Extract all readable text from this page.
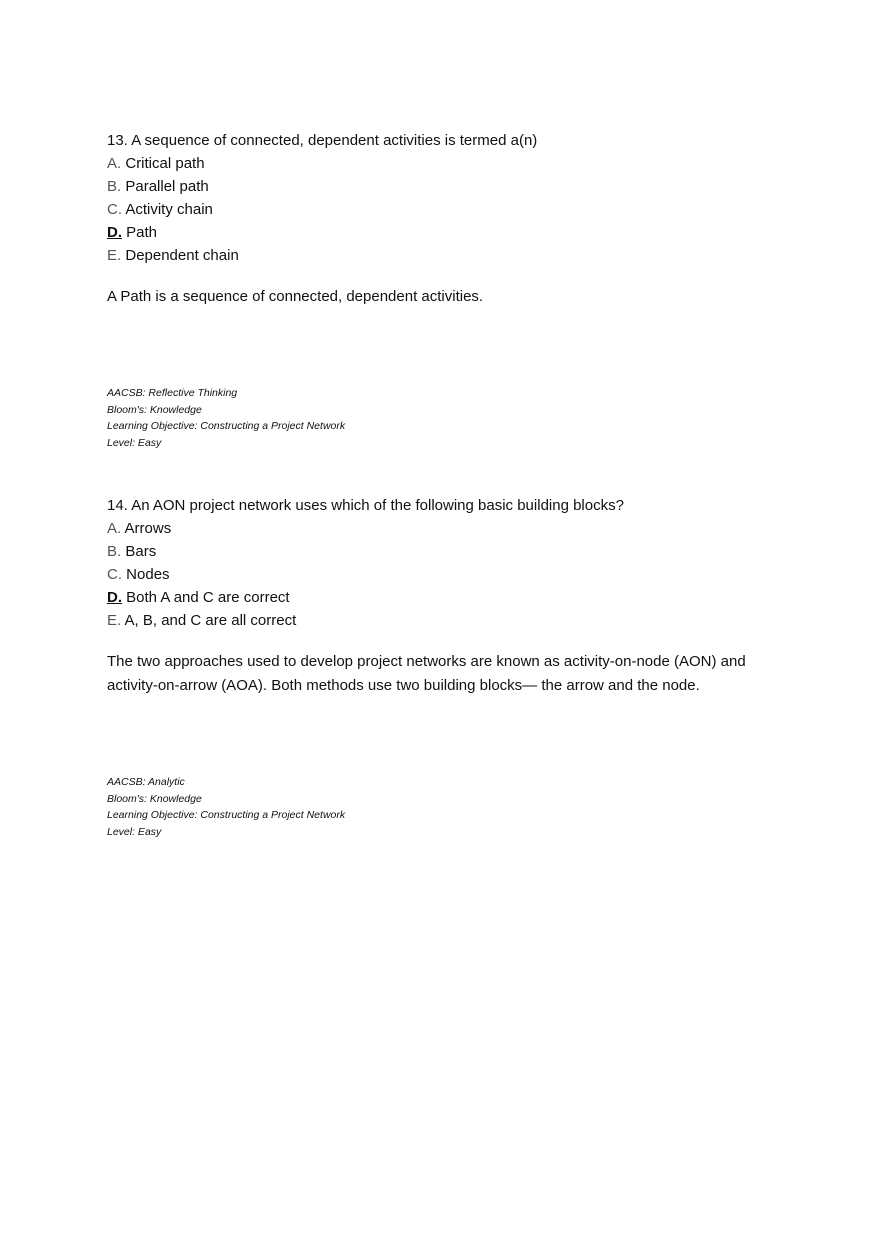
13. A sequence of connected, dependent activities is termed a(n)

A. Critical path
B. Parallel path
C. Activity chain
D. Path
E. Dependent chain

A Path is a sequence of connected, dependent activities.

AACSB: Reflective Thinking

Bloom's: Knowledge

Learning Objective: Constructing a Project Network

Level: Easy

14. An AON project network uses which of the following basic building blocks?

A. Arrows
B. Bars
C. Nodes
D. Both A and C are correct
E. A, B, and C are all correct

The two approaches used to develop project networks are known as activity-on-node (AON) and activity-on-arrow (AOA). Both methods use two building blocks— the arrow and the node.

AACSB: Analytic

Bloom's: Knowledge

Learning Objective: Constructing a Project Network

Level: Easy
